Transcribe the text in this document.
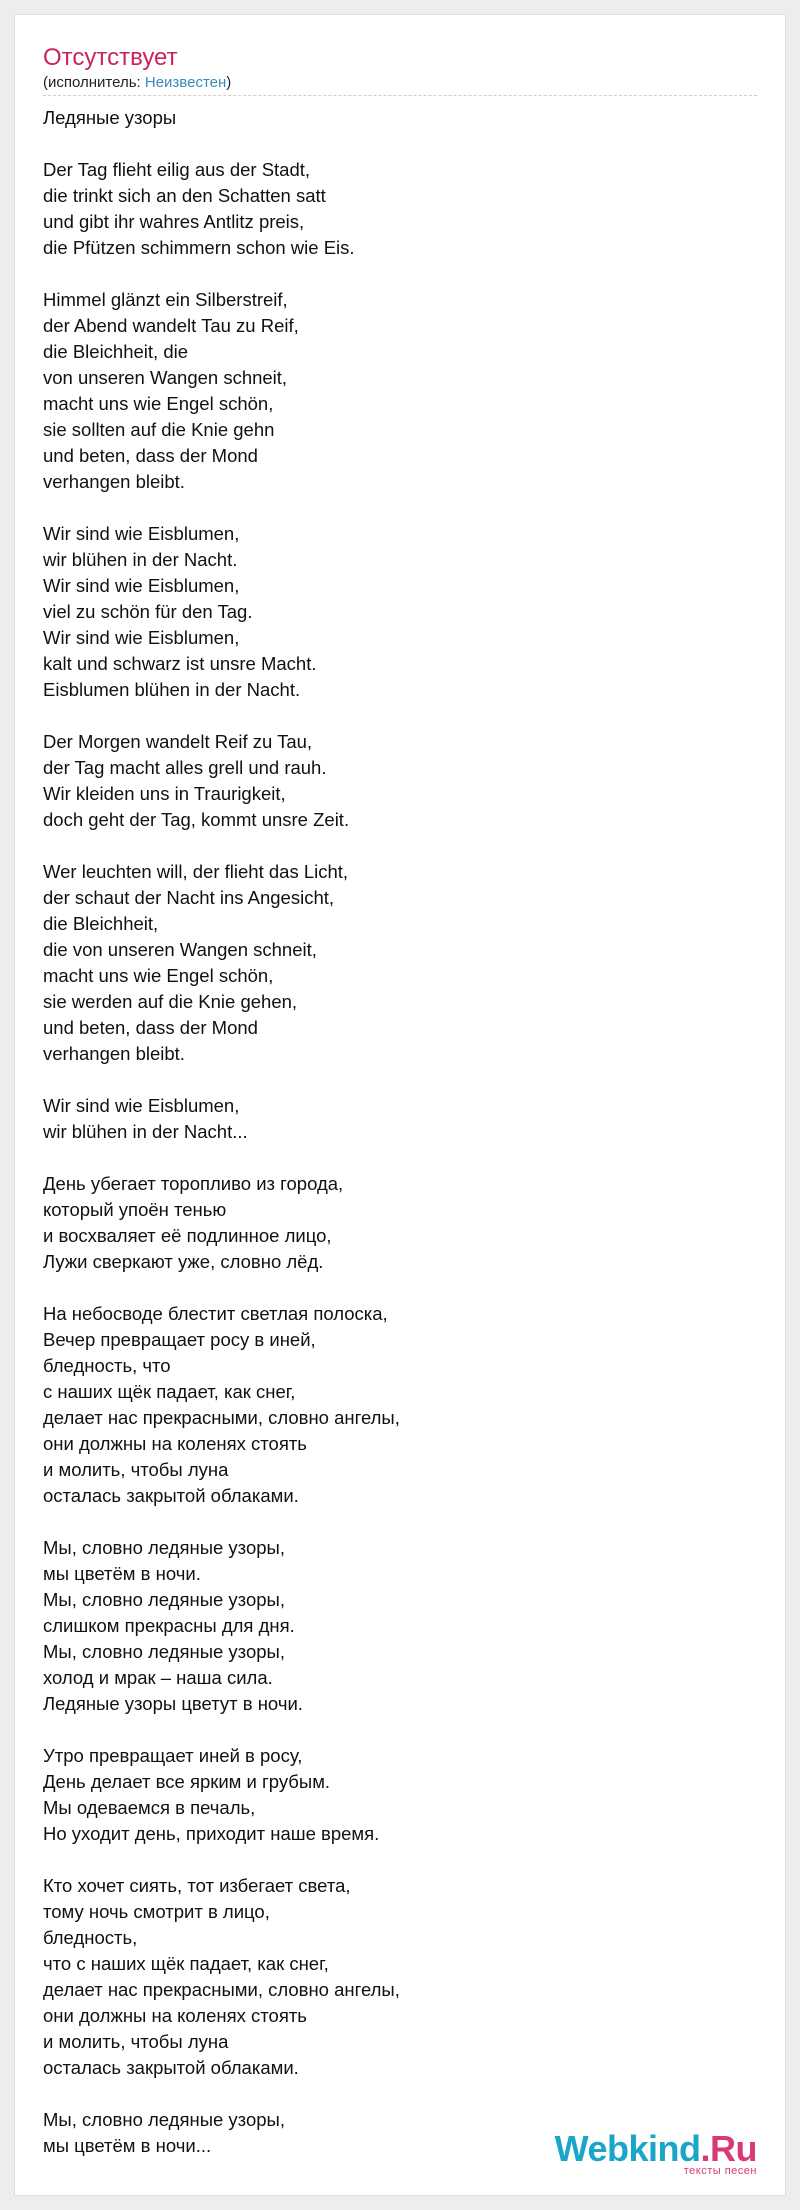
Отсутствует
(исполнитель: Неизвестен)
Ледяные узоры
Der Tag flieht eilig aus der Stadt,
die trinkt sich an den Schatten satt
und gibt ihr wahres Antlitz preis,
die Pfützen schimmern schon wie Eis.
Himmel glänzt ein Silberstreif,
der Abend wandelt Tau zu Reif,
die Bleichheit, die
von unseren Wangen schneit,
macht uns wie Engel schön,
sie sollten auf die Knie gehn
und beten, dass der Mond
verhangen bleibt.
Wir sind wie Eisblumen,
wir blühen in der Nacht.
Wir sind wie Eisblumen,
viel zu schön für den Tag.
Wir sind wie Eisblumen,
kalt und schwarz ist unsre Macht.
Eisblumen blühen in der Nacht.
Der Morgen wandelt Reif zu Tau,
der Tag macht alles grell und rauh.
Wir kleiden uns in Traurigkeit,
doch geht der Tag, kommt unsre Zeit.
Wer leuchten will, der flieht das Licht,
der schaut der Nacht ins Angesicht,
die Bleichheit,
die von unseren Wangen schneit,
macht uns wie Engel schön,
sie werden auf die Knie gehen,
und beten, dass der Mond
verhangen bleibt.
Wir sind wie Eisblumen,
wir blühen in der Nacht...
День убегает торопливо из города,
который упоён тенью
и восхваляет её подлинное лицо,
Лужи сверкают уже, словно лёд.
На небосводе блестит светлая полоска,
Вечер превращает росу в иней,
бледность, что
с наших щёк падает, как снег,
делает нас прекрасными, словно ангелы,
они должны на коленях стоять
и молить, чтобы луна
осталась закрытой облаками.
Мы, словно ледяные узоры,
мы цветём в ночи.
Мы, словно ледяные узоры,
слишком прекрасны для дня.
Мы, словно ледяные узоры,
холод и мрак – наша сила.
Ледяные узоры цветут в ночи.
Утро превращает иней в росу,
День делает все ярким и грубым.
Мы одеваемся в печаль,
Но уходит день, приходит наше время.
Кто хочет сиять, тот избегает света,
тому ночь смотрит в лицо,
бледность,
что с наших щёк падает, как снег,
делает нас прекрасными, словно ангелы,
они должны на коленях стоять
и молить, чтобы луна
осталась закрытой облаками.
Мы, словно ледяные узоры,
мы цветём в ночи...	Webkind.Ru
тексты песен
